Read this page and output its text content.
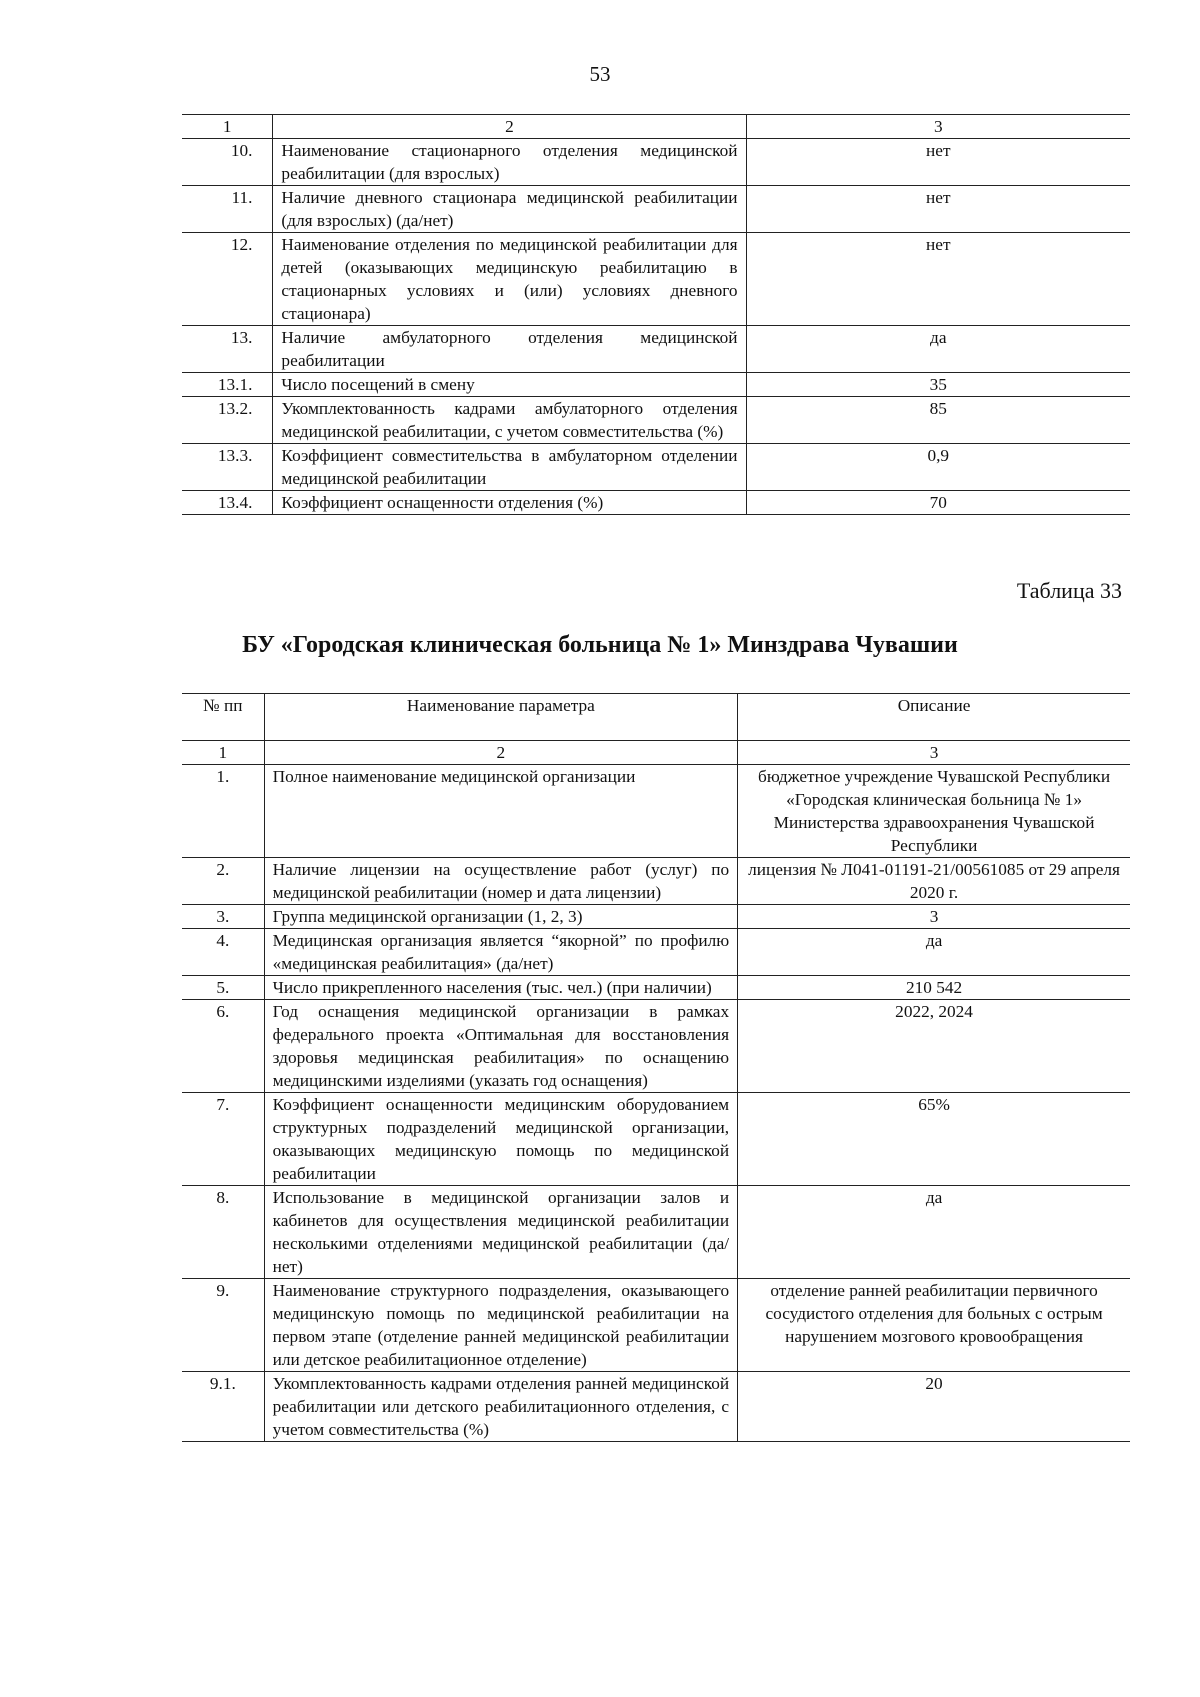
53
1	2	3
10.	Наименование стационарного отделения медицинской реабилитации (для взрослых)	нет
11.	Наличие дневного стационара медицинской реабилитации (для взрослых) (да/нет)	нет
12.	Наименование отделения по медицинской реабилитации для детей (оказывающих медицинскую реабилитацию в стационарных условиях и (или) условиях дневного стационара)	нет
13.	Наличие амбулаторного отделения медицинской реабилитации	да
13.1.	Число посещений в смену	35
13.2.	Укомплектованность кадрами амбулаторного отделения медицинской реабилитации, с учетом совместительства (%)	85
13.3.	Коэффициент совместительства в амбулаторном отделении медицинской реабилитации	0,9
13.4.	Коэффициент оснащенности отделения (%)	70
Таблица 33
БУ «Городская клиническая больница № 1» Минздрава Чувашии
№ пп	Наименование параметра	Описание
1	2	3
1.	Полное наименование медицинской организации	бюджетное учреждение Чувашской Республики «Городская клиническая больница № 1» Министерства здравоохранения Чувашской Республики
2.	Наличие лицензии на осуществление работ (услуг) по медицинской реабилитации (номер и дата лицензии)	лицензия № Л041-01191-21/00561085 от 29 апреля 2020 г.
3.	Группа медицинской организации (1, 2, 3)	3
4.	Медицинская организация является “якорной” по профилю «медицинская реабилитация» (да/нет)	да
5.	Число прикрепленного населения (тыс. чел.) (при наличии)	210 542
6.	Год оснащения медицинской организации в рамках федерального проекта «Оптимальная для восстановления здоровья медицинская реабилитация» по оснащению медицинскими изделиями (указать год оснащения)	2022, 2024
7.	Коэффициент оснащенности медицинским оборудованием структурных подразделений медицинской организации, оказывающих медицинскую помощь по медицинской реабилитации	65%
8.	Использование в медицинской организации залов и кабинетов для осуществления медицинской реабилитации несколькими отделениями медицинской реабилитации (да/нет)	да
9.	Наименование структурного подразделения, оказывающего медицинскую помощь по медицинской реабилитации на первом этапе (отделение ранней медицинской реабилитации или детское реабилитационное отделение)	отделение ранней реабилитации первичного сосудистого отделения для больных с острым нарушением мозгового кровообращения
9.1.	Укомплектованность кадрами отделения ранней медицинской реабилитации или детского реабилитационного отделения, с учетом совместительства (%)	20
